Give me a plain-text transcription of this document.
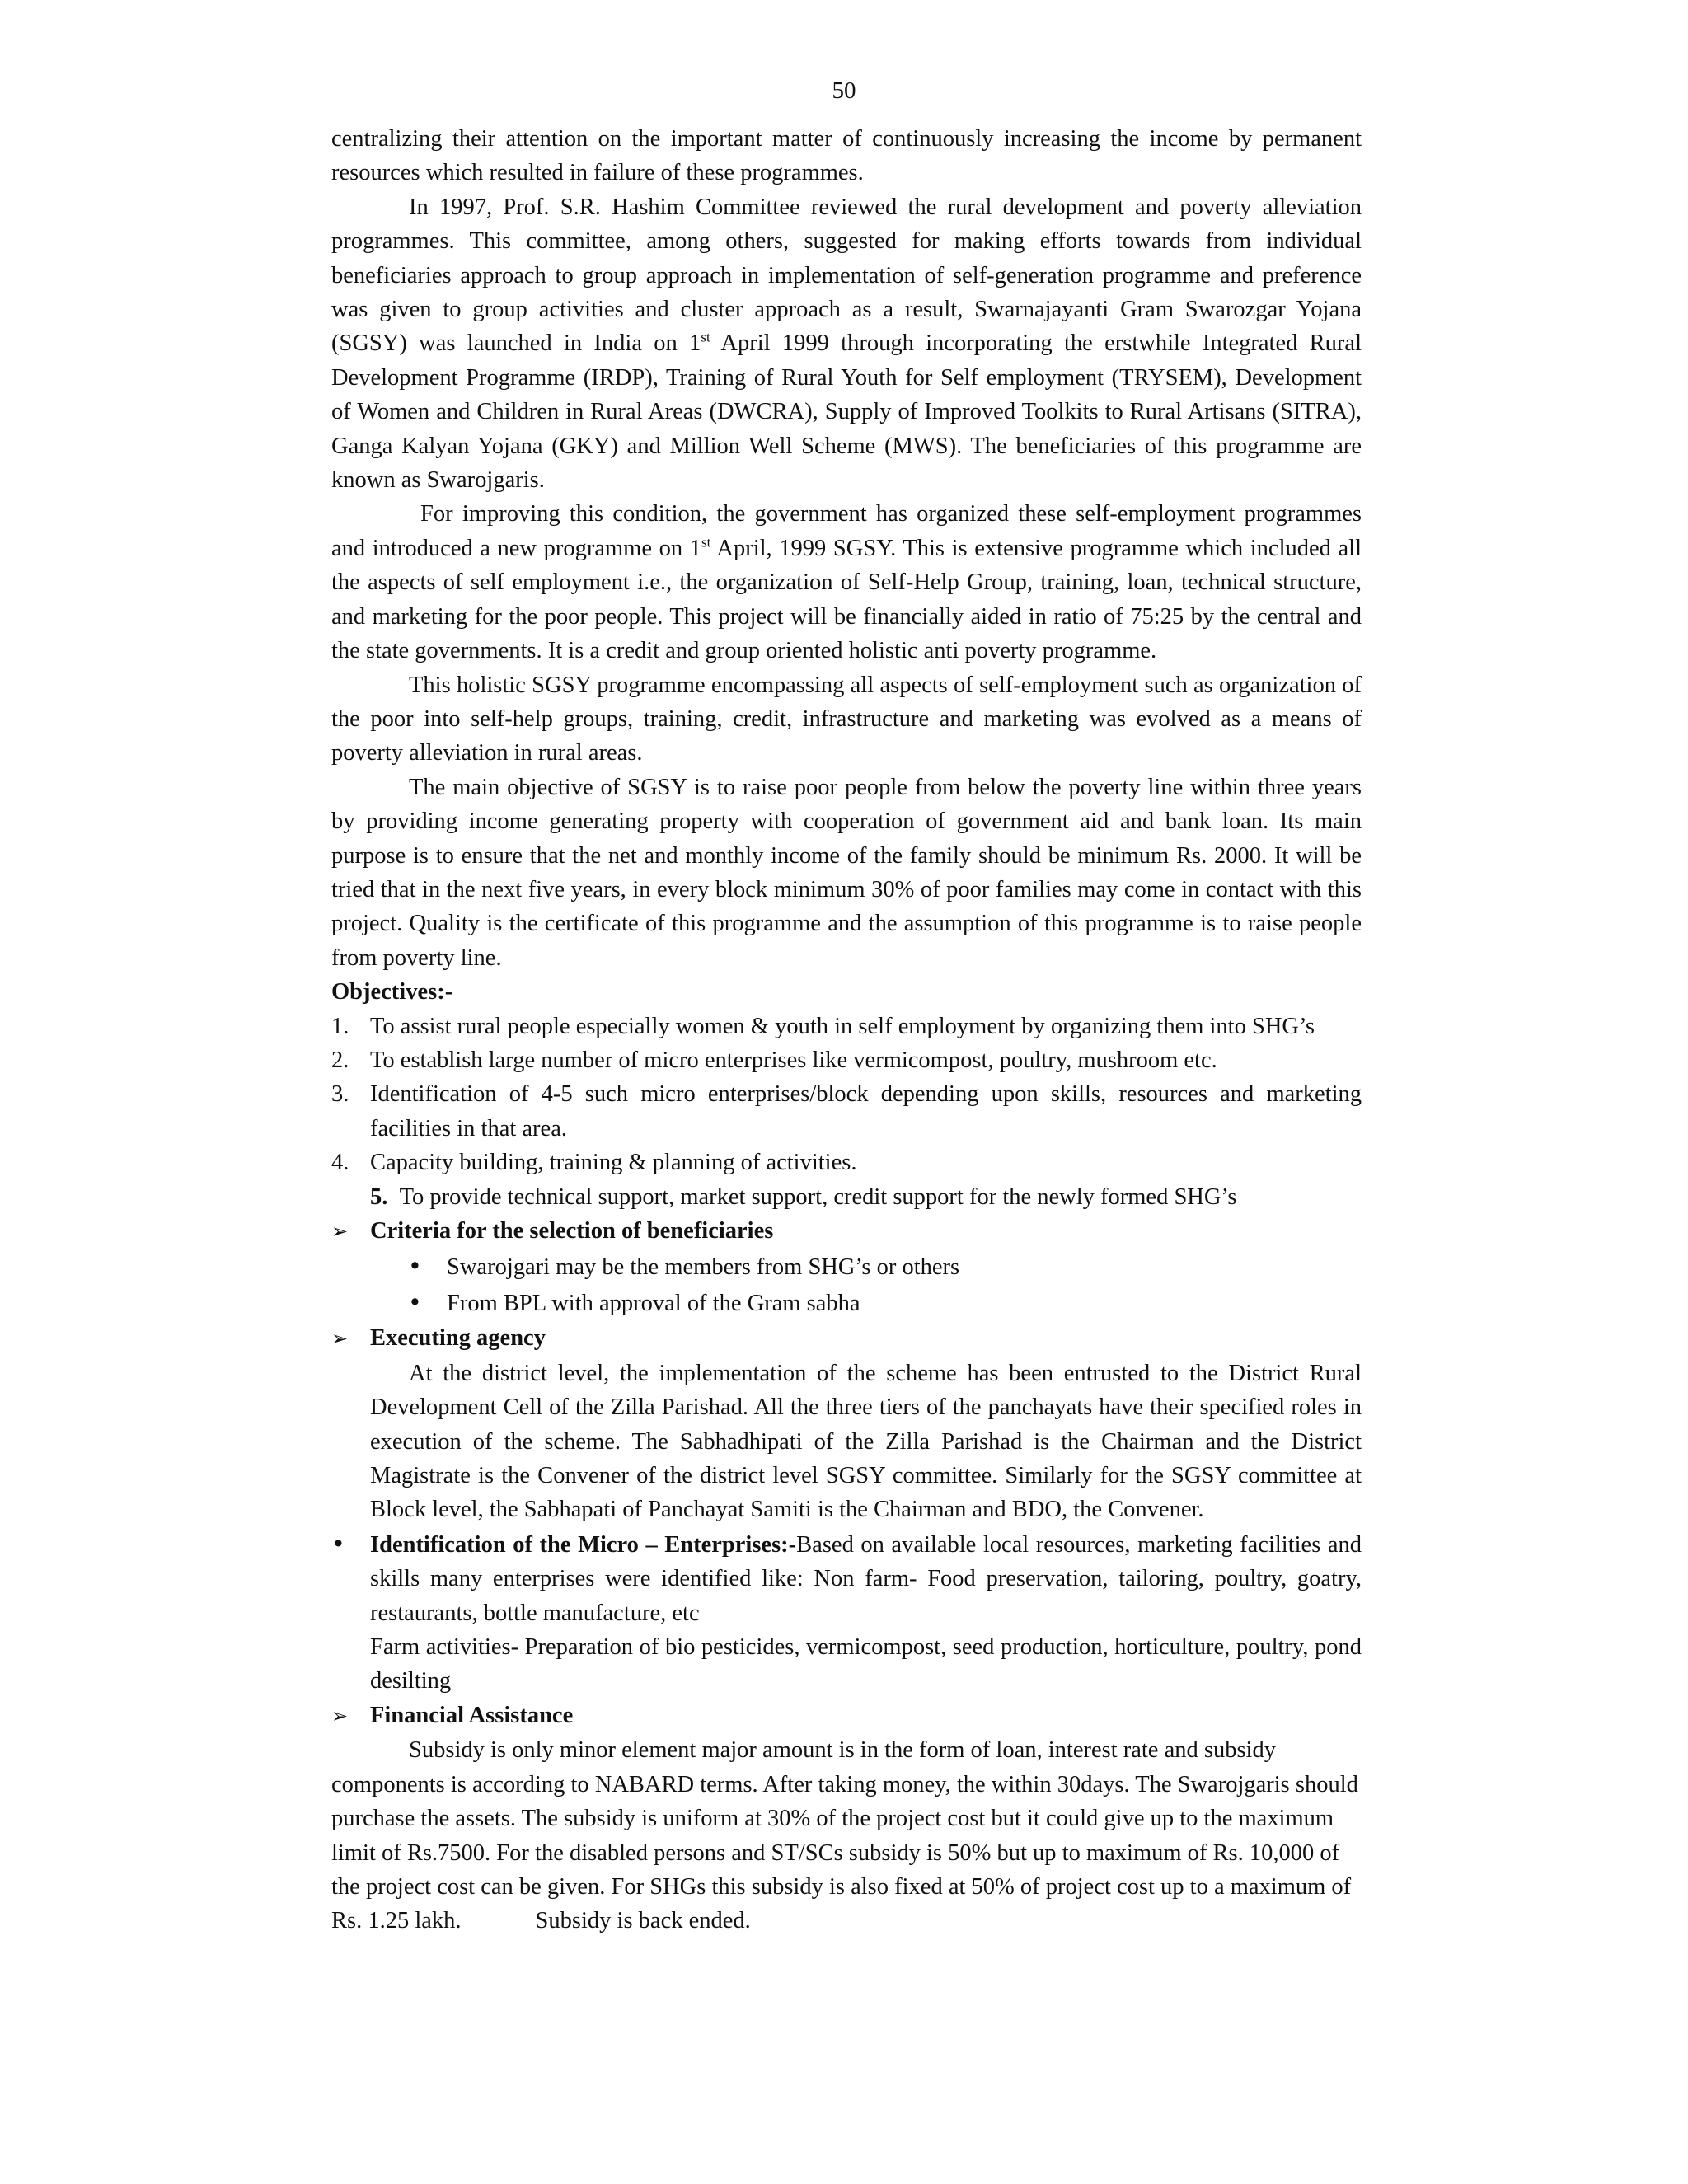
50

centralizing their attention on the important matter of continuously increasing the income by permanent resources which resulted in failure of these programmes.

In 1997, Prof. S.R. Hashim Committee reviewed the rural development and poverty alleviation programmes. This committee, among others, suggested for making efforts towards from individual beneficiaries approach to group approach in implementation of self-generation programme and preference was given to group activities and cluster approach as a result, Swarnajayanti Gram Swarozgar Yojana (SGSY) was launched in India on 1st April 1999 through incorporating the erstwhile Integrated Rural Development Programme (IRDP), Training of Rural Youth for Self employment (TRYSEM), Development of Women and Children in Rural Areas (DWCRA), Supply of Improved Toolkits to Rural Artisans (SITRA), Ganga Kalyan Yojana (GKY) and Million Well Scheme (MWS). The beneficiaries of this programme are known as Swarojgaris.

For improving this condition, the government has organized these self-employment programmes and introduced a new programme on 1st April, 1999 SGSY. This is extensive programme which included all the aspects of self employment i.e., the organization of Self-Help Group, training, loan, technical structure, and marketing for the poor people. This project will be financially aided in ratio of 75:25 by the central and the state governments. It is a credit and group oriented holistic anti poverty programme.

This holistic SGSY programme encompassing all aspects of self-employment such as organization of the poor into self-help groups, training, credit, infrastructure and marketing was evolved as a means of poverty alleviation in rural areas.

The main objective of SGSY is to raise poor people from below the poverty line within three years by providing income generating property with cooperation of government aid and bank loan. Its main purpose is to ensure that the net and monthly income of the family should be minimum Rs. 2000. It will be tried that in the next five years, in every block minimum 30% of poor families may come in contact with this project. Quality is the certificate of this programme and the assumption of this programme is to raise people from poverty line.

Objectives:-

1. To assist rural people especially women & youth in self employment by organizing them into SHG’s

2. To establish large number of micro enterprises like vermicompost, poultry, mushroom etc.

3. Identification of 4-5 such micro enterprises/block depending upon skills, resources and marketing facilities in that area.

4. Capacity building, training & planning of activities.

5. To provide technical support, market support, credit support for the newly formed SHG’s

➢ Criteria for the selection of beneficiaries

• Swarojgari may be the members from SHG’s or others

• From BPL with approval of the Gram sabha

➢ Executing agency

At the district level, the implementation of the scheme has been entrusted to the District Rural Development Cell of the Zilla Parishad. All the three tiers of the panchayats have their specified roles in execution of the scheme. The Sabhadhipati of the Zilla Parishad is the Chairman and the District Magistrate is the Convener of the district level SGSY committee. Similarly for the SGSY committee at Block level, the Sabhapati of Panchayat Samiti is the Chairman and BDO, the Convener.

• Identification of the Micro – Enterprises:-Based on available local resources, marketing facilities and skills many enterprises were identified like: Non farm- Food preservation, tailoring, poultry, goatry, restaurants, bottle manufacture, etc

Farm activities- Preparation of bio pesticides, vermicompost, seed production, horticulture, poultry, pond desilting

➢ Financial Assistance

Subsidy is only minor element major amount is in the form of loan, interest rate and subsidy components is according to NABARD terms. After taking money, the within 30days. The Swarojgaris should purchase the assets. The subsidy is uniform at 30% of the project cost but it could give up to the maximum limit of Rs.7500. For the disabled persons and ST/SCs subsidy is 50% but up to maximum of Rs. 10,000 of the project cost can be given. For SHGs this subsidy is also fixed at 50% of project cost up to a maximum of Rs. 1.25 lakh.	Subsidy is back ended.
